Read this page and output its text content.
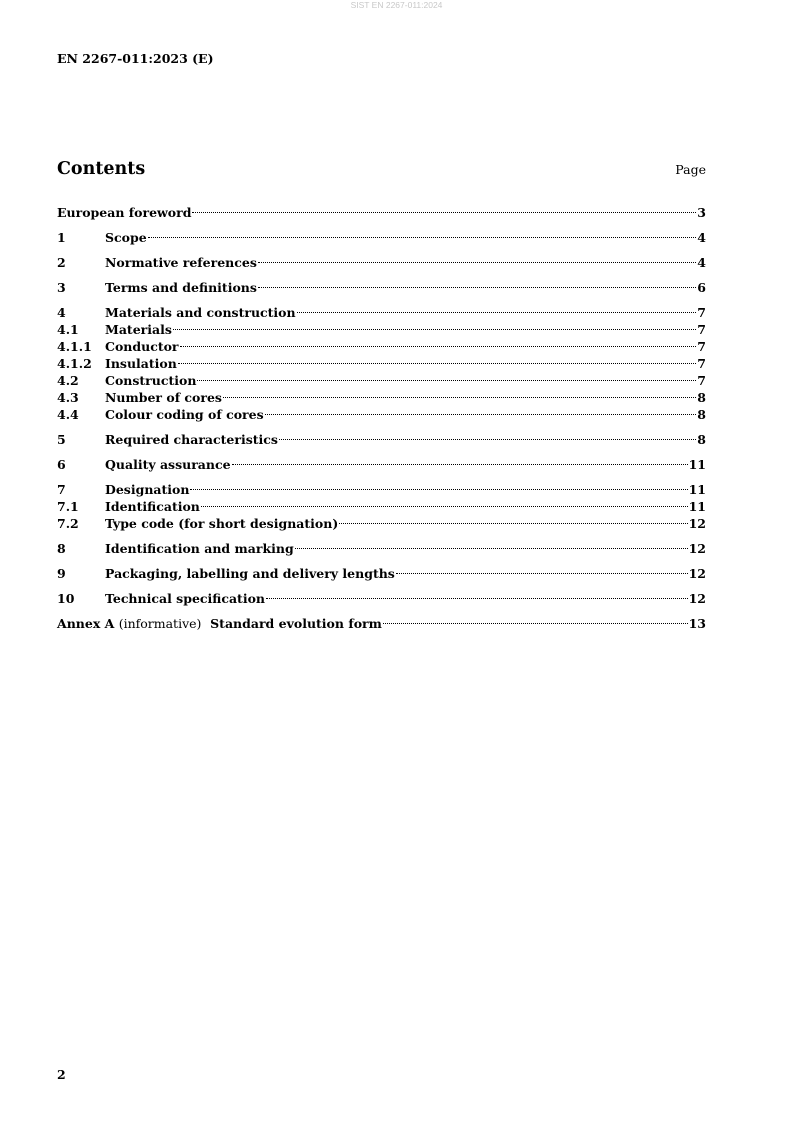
SIST EN 2267-011:2024
EN 2267-011:2023 (E)
Contents	Page
European foreword	3
1	Scope	4
2	Normative references	4
3	Terms and definitions	6
4	Materials and construction	7
4.1	Materials	7
4.1.1	Conductor	7
4.1.2	Insulation	7
4.2	Construction	7
4.3	Number of cores	8
4.4	Colour coding of cores	8
5	Required characteristics	8
6	Quality assurance	11
7	Designation	11
7.1	Identification	11
7.2	Type code (for short designation)	12
8	Identification and marking	12
9	Packaging, labelling and delivery lengths	12
10	Technical specification	12
Annex A (informative) Standard evolution form	13
2
